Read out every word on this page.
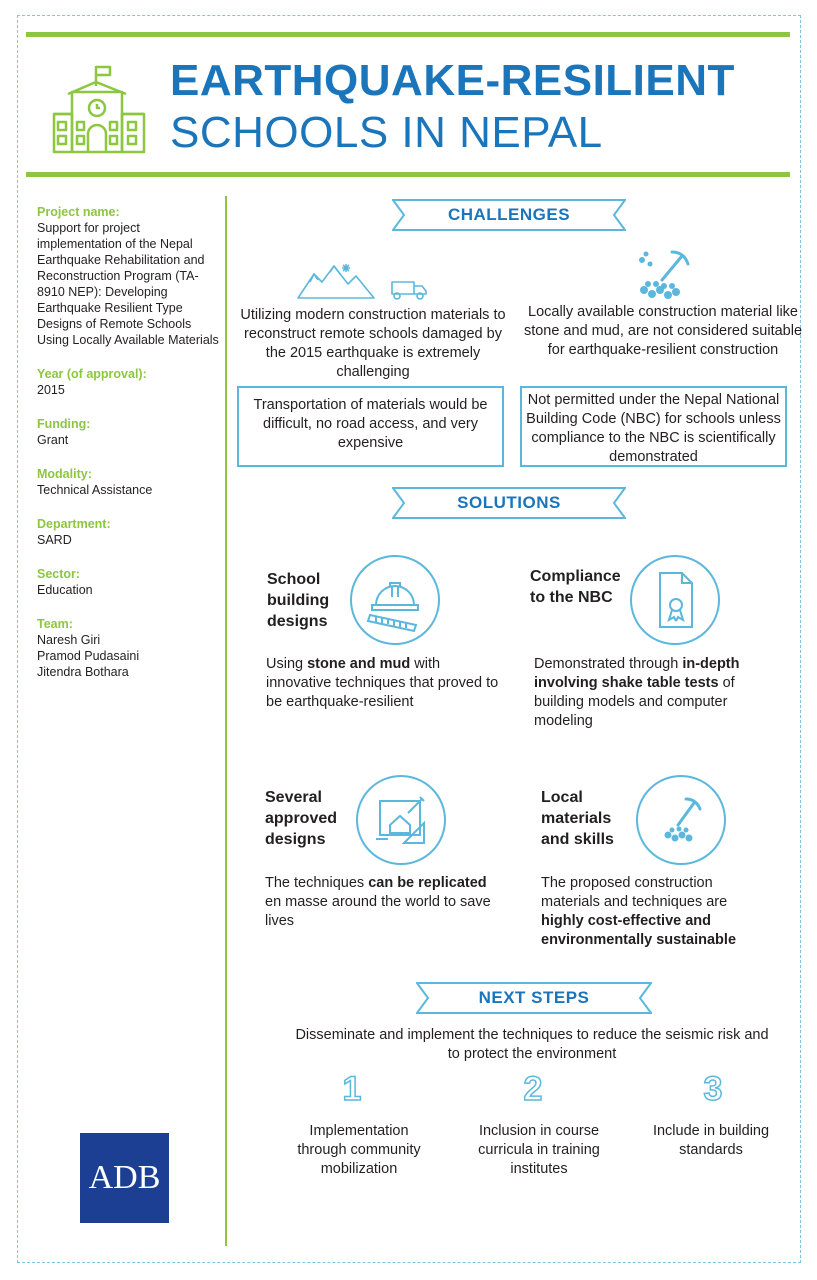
EARTHQUAKE-RESILIENT
SCHOOLS IN NEPAL
Project name:
Support for project implementation of the Nepal Earthquake Rehabilitation and Reconstruction Program (TA-8910 NEP): Developing Earthquake Resilient Type Designs of Remote Schools Using Locally Available Materials
Year (of approval):
2015
Funding:
Grant
Modality:
Technical Assistance
Department:
SARD
Sector:
Education
Team:
Naresh Giri
Pramod Pudasaini
Jitendra Bothara
CHALLENGES
Utilizing modern construction materials to reconstruct remote schools damaged by the 2015 earthquake is extremely challenging
Locally available construction material like stone and mud, are not considered suitable for earthquake-resilient construction
Transportation of materials would be difficult, no road access, and very expensive
Not permitted under the Nepal National Building Code (NBC) for schools unless compliance to the NBC is scientifically demonstrated
SOLUTIONS
School building designs
Using stone and mud with innovative techniques that proved to be earthquake-resilient
Compliance to the NBC
Demonstrated through in-depth involving shake table tests of building models and computer modeling
Several approved designs
The techniques can be replicated en masse around the world to save lives
Local materials and skills
The proposed construction materials and techniques are highly cost-effective and environmentally sustainable
NEXT STEPS
Disseminate and implement the techniques to reduce the seismic risk and to protect the environment
1	2	3
Implementation through community mobilization
Inclusion in course curricula in training institutes
Include in building standards
ADB
